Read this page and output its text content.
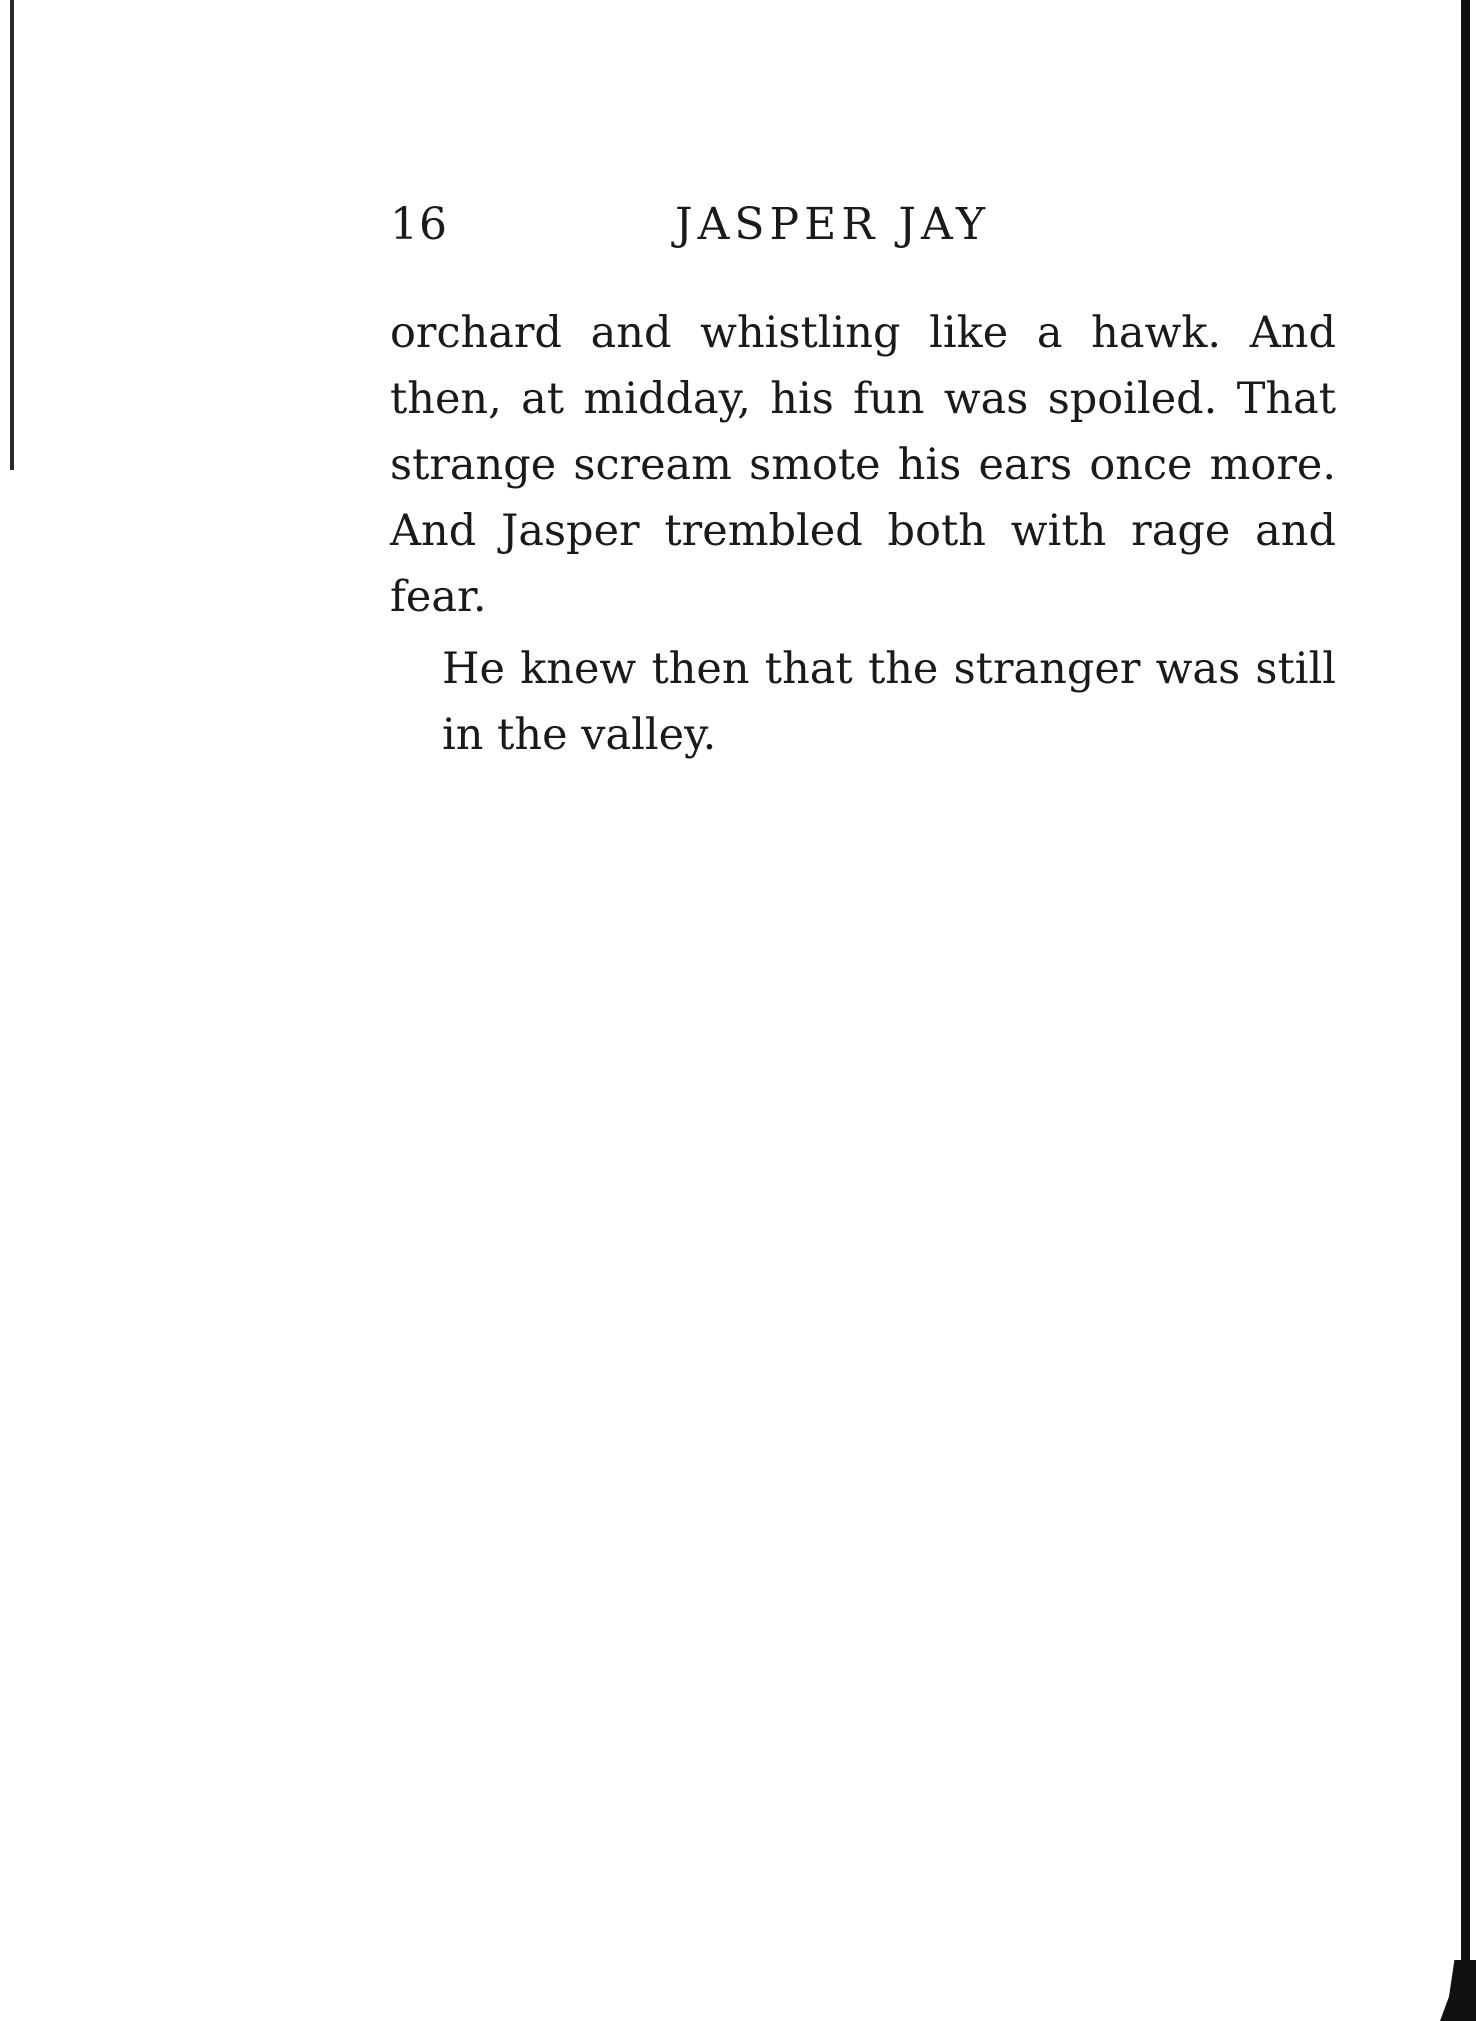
16	JASPER JAY

orchard and whistling like a hawk. And
then, at midday, his fun was spoiled. That
strange scream smote his ears once more.
And Jasper trembled both with rage and
fear.

He knew then that the stranger was still
in the valley.
